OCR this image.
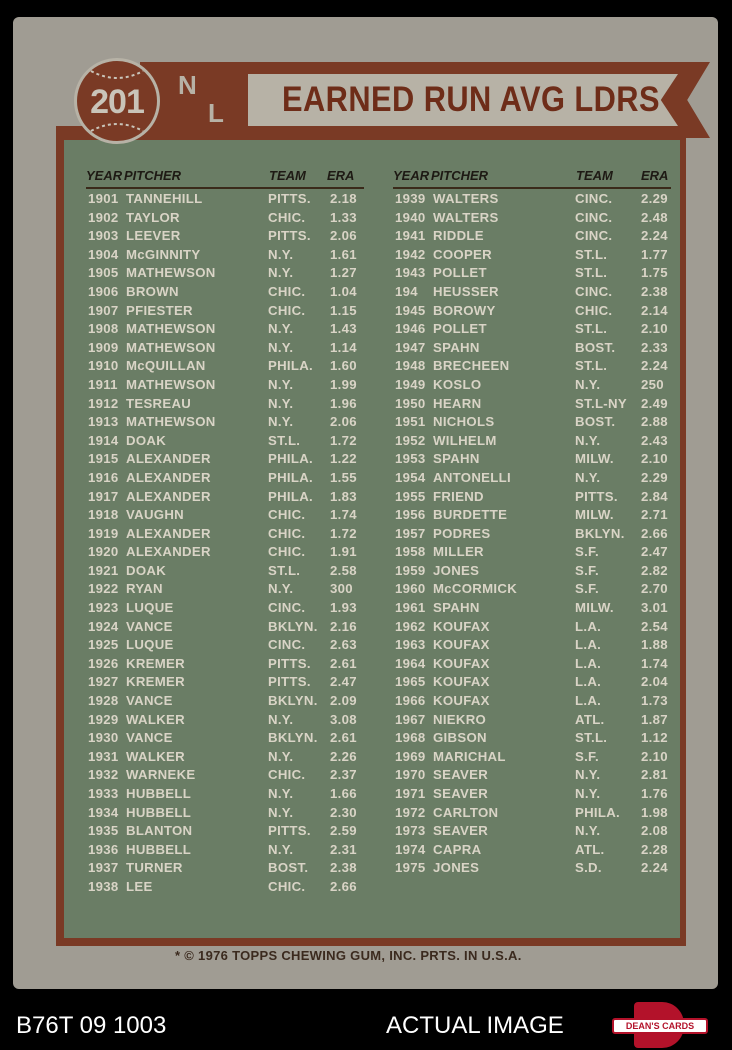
EARNED RUN AVG LDRS
N
L
201
YEAR PITCHER	TEAM ERA	YEAR PITCHER	TEAM ERA
1901 TANNEHILL	PITTS. 2.18
1902 TAYLOR	CHIC. 1.33
1903 LEEVER	PITTS. 2.06
1904 McGINNITY	N.Y.	1.61
1905 MATHEWSON	N.Y.	1.27
1906 BROWN	CHIC. 1.04
1907 PFIESTER	CHIC. 1.15
1908 MATHEWSON	N.Y.	1.43
1909 MATHEWSON	N.Y.	1.14
1910 McQUILLAN	PHILA. 1.60
1911 MATHEWSON	N.Y.	1.99
1912 TESREAU	N.Y.	1.96
1913 MATHEWSON	N.Y.	2.06
1914 DOAK	ST.L. 1.72
1915 ALEXANDER	PHILA. 1.22
1916 ALEXANDER	PHILA. 1.55
1917 ALEXANDER	PHILA. 1.83
1918 VAUGHN	CHIC. 1.74
1919 ALEXANDER	CHIC. 1.72
1920 ALEXANDER	CHIC. 1.91
1921 DOAK	ST.L. 2.58
1922 RYAN	N.Y.	300
1923 LUQUE	CINC. 1.93
1924 VANCE	BKLYN. 2.16
1925 LUQUE	CINC. 2.63
1926 KREMER	PITTS. 2.61
1927 KREMER	PITTS. 2.47
1928 VANCE	BKLYN. 2.09
1929 WALKER	N.Y.	3.08
1930 VANCE	BKLYN. 2.61
1931 WALKER	N.Y.	2.26
1932 WARNEKE	CHIC. 2.37
1933 HUBBELL	N.Y.	1.66
1934 HUBBELL	N.Y.	2.30
1935 BLANTON	PITTS. 2.59
1936 HUBBELL	N.Y.	2.31
1937 TURNER	BOST. 2.38
1938 LEE	CHIC. 2.66
1939 WALTERS	CINC. 2.29
1940 WALTERS	CINC. 2.48
1941 RIDDLE	CINC. 2.24
1942 COOPER	ST.L.	1.77
1943 POLLET	ST.L.	1.75
194 HEUSSER	CINC. 2.38
1945 BOROWY	CHIC. 2.14
1946 POLLET	ST.L.	2.10
1947 SPAHN	BOST. 2.33
1948 BRECHEEN	ST.L.	2.24
1949 KOSLO	N.Y.	250
1950 HEARN	ST.L-NY 2.49
1951 NICHOLS	BOST. 2.88
1952 WILHELM	N.Y.	2.43
1953 SPAHN	MILW. 2.10
1954 ANTONELLI	N.Y.	2.29
1955 FRIEND	PITTS. 2.84
1956 BURDETTE	MILW. 2.71
1957 PODRES	BKLYN. 2.66
1958 MILLER	S.F.	2.47
1959 JONES	S.F.	2.82
1960 McCORMICK	S.F.	2.70
1961 SPAHN	MILW. 3.01
1962 KOUFAX	L.A.	2.54
1963 KOUFAX	L.A.	1.88
1964 KOUFAX	L.A.	1.74
1965 KOUFAX	L.A.	2.04
1966 KOUFAX	L.A.	1.73
1967 NIEKRO	ATL.	1.87
1968 GIBSON	ST.L.	1.12
1969 MARICHAL	S.F.	2.10
1970 SEAVER	N.Y.	2.81
1971 SEAVER	N.Y.	1.76
1972 CARLTON	PHILA. 1.98
1973 SEAVER	N.Y.	2.08
1974 CAPRA	ATL.	2.28
1975 JONES	S.D.	2.24
* © 1976 TOPPS CHEWING GUM, INC. PRTS. IN U.S.A.
B76T 09 1003	ACTUAL IMAGE	DEAN'S CARDS
